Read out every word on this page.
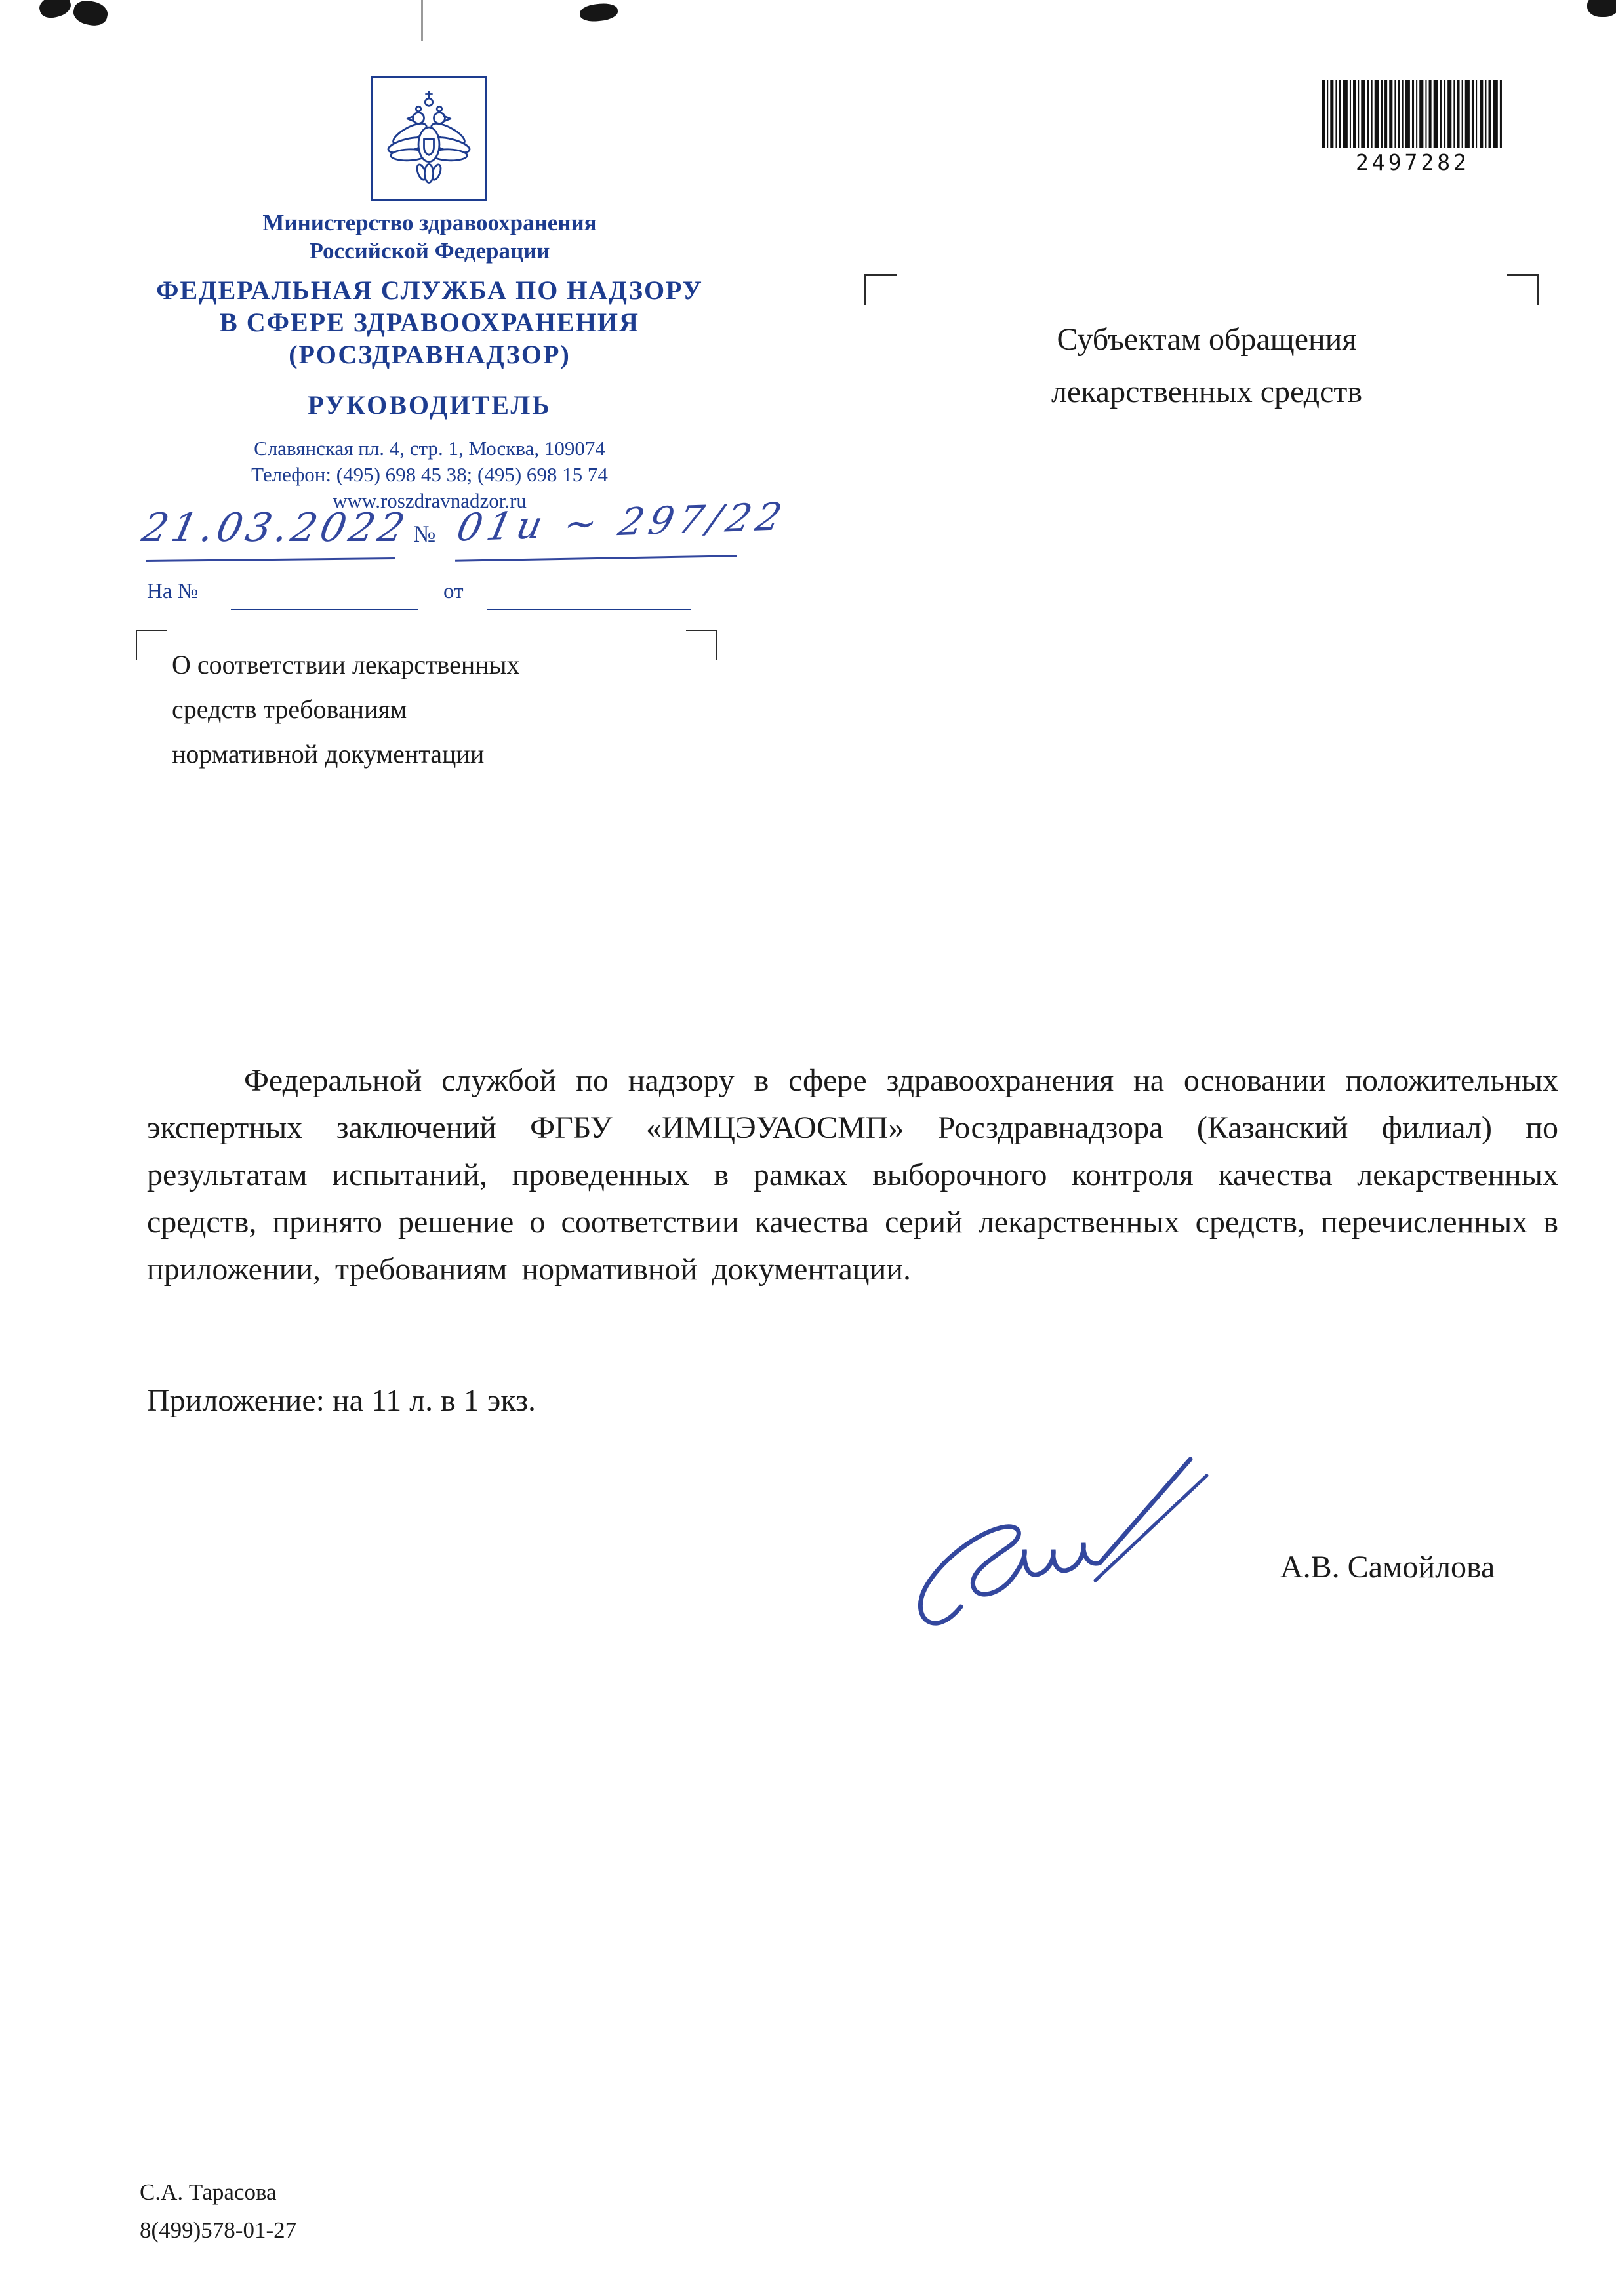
2497282
Министерство здравоохранения
Российской Федерации
ФЕДЕРАЛЬНАЯ СЛУЖБА ПО НАДЗОРУ
В СФЕРЕ ЗДРАВООХРАНЕНИЯ
(РОСЗДРАВНАДЗОР)
РУКОВОДИТЕЛЬ
Славянская пл. 4, стр. 1, Москва, 109074
Телефон: (495) 698 45 38; (495) 698 15 74
www.roszdravnadzor.ru
21.03.2022 № 01и ~ 297/22
На №	от
О соответствии лекарственных
средств требованиям
нормативной документации
Субъектам обращения
лекарственных средств
Федеральной службой по надзору в сфере здравоохранения на основании положительных экспертных заключений ФГБУ «ИМЦЭУАОСМП» Росздравнадзора (Казанский филиал) по результатам испытаний, проведенных в рамках выборочного контроля качества лекарственных средств, принято решение о соответствии качества серий лекарственных средств, перечисленных в приложении, требованиям нормативной документации.
Приложение: на 11 л. в 1 экз.
А.В. Самойлова
С.А. Тарасова
8(499)578-01-27
